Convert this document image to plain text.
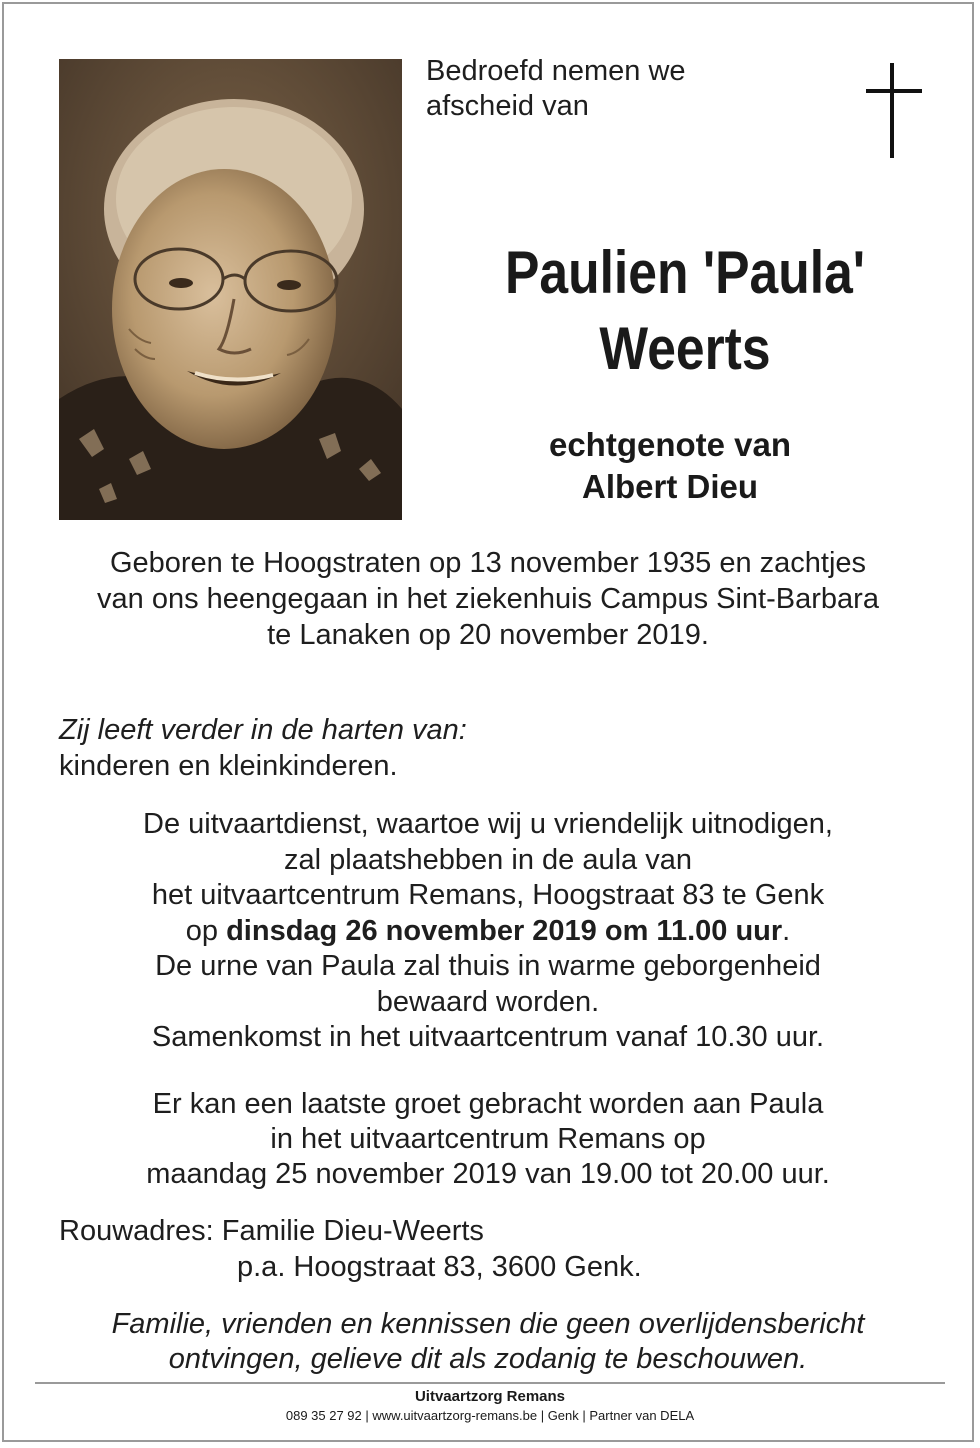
Bedroefd nemen we
afscheid van
Paulien 'Paula'
Weerts
echtgenote van
Albert Dieu
Geboren te Hoogstraten op 13 november 1935 en zachtjes
van ons heengegaan in het ziekenhuis Campus Sint-Barbara
te Lanaken op 20 november 2019.
Zij leeft verder in de harten van:
kinderen en kleinkinderen.
De uitvaartdienst, waartoe wij u vriendelijk uitnodigen,
zal plaatshebben in de aula van
het uitvaartcentrum Remans, Hoogstraat 83 te Genk
op dinsdag 26 november 2019 om 11.00 uur.
De urne van Paula zal thuis in warme geborgenheid
bewaard worden.
Samenkomst in het uitvaartcentrum vanaf 10.30 uur.
Er kan een laatste groet gebracht worden aan Paula
in het uitvaartcentrum Remans op
maandag 25 november 2019 van 19.00 tot 20.00 uur.
Rouwadres: Familie Dieu-Weerts
p.a. Hoogstraat 83, 3600 Genk.
Familie, vrienden en kennissen die geen overlijdensbericht
ontvingen, gelieve dit als zodanig te beschouwen.
Uitvaartzorg Remans
089 35 27 92 | www.uitvaartzorg-remans.be | Genk | Partner van DELA
